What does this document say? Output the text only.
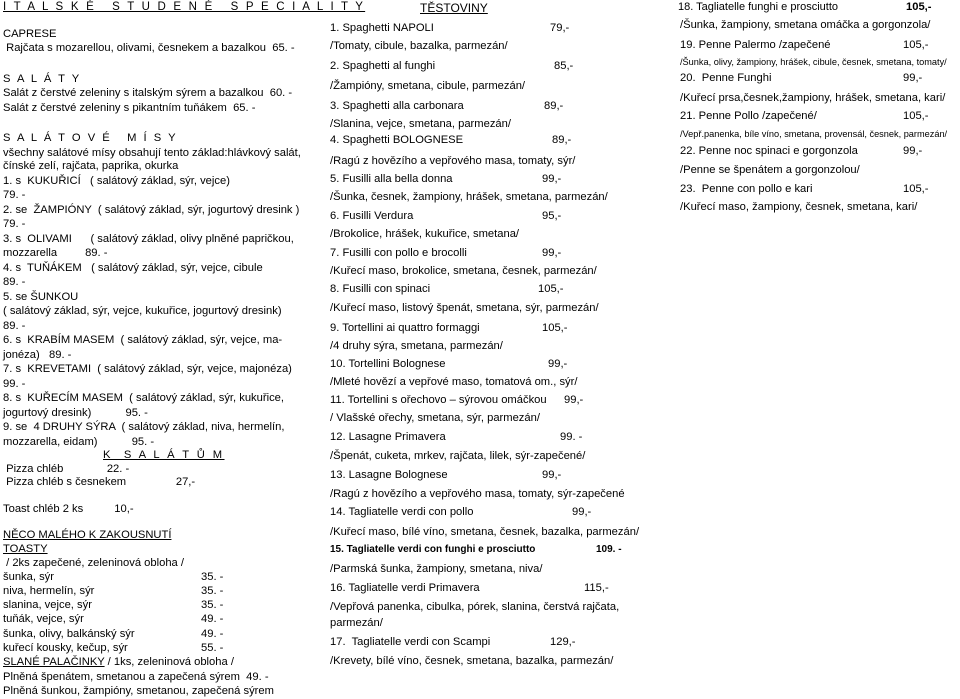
I T A L S K É   S T U D E N É   S P E C I A L I T Y
CAPRESE
Rajčata s mozarellou, olivami, česnekem a bazalkou  65. -
S A L Á T Y
Salát z čerstvé zeleniny s italským sýrem a bazalkou  60. -
Salát z čerstvé zeleniny s pikantním tuňákem  65. -
S A L Á T O V É   M Í S Y
všechny salátové mísy obsahují tento základ:hlávkový salát, čínské zelí, rajčata, paprika, okurka
1. s  KUKUŘICÍ   ( salátový základ, sýr, vejce)
79. -
2. se  ŽAMPIÓNY  ( salátový základ, sýr, jogurtový dresink )
79. -
3. s  OLIVAMI      ( salátový základ, olivy plněné papričkou,
mozzarella         89. -
4. s  TUŇÁKEM   ( salátový základ, sýr, vejce, cibule
89. -
5. se ŠUNKOU
( salátový základ, sýr, vejce, kukuřice, jogurtový dresink)
89. -
6. s  KRABÍM MASEM  ( salátový základ, sýr, vejce, ma-
jonéza)   89. -
7. s  KREVETAMI  ( salátový základ, sýr, vejce, majonéza)
99. -
8. s  KUŘECÍM MASEM  ( salátový základ, sýr, kukuřice,
jogurtový dresink)           95. -
9. se  4 DRUHY SÝRA  ( salátový základ, niva, hermelín,
mozzarella, eidam)           95. -
K  S A L Á T Ů M
Pizza chléb              22. -
Pizza chléb s česnekem                27,-
Toast chléb 2 ks          10,-
NĚCO MALÉHO K ZAKOUSNUTÍ
TOASTY
/ 2ks zapečené, zeleninová obloha /
šunka, sýr	35. -
niva, hermelín, sýr	35. -
slanina, vejce, sýr	35. -
tuňák, vejce, sýr	49. -
šunka, olivy, balkánský sýr	49. -
kuřecí kousky, kečup, sýr	55. -
SLANÉ PALAČINKY / 1ks, zeleninová obloha /
Plněná špenátem, smetanou a zapečená sýrem  49. -
Plněná šunkou, žampióny, smetanou, zapečená sýrem
TĚSTOVINY
1. Spaghetti NAPOLI	79,-
/Tomaty, cibule, bazalka, parmezán/
2. Spaghetti al funghi	85,-
/Žampióny, smetana, cibule, parmezán/
3. Spaghetti alla carbonara	89,-
/Slanina, vejce, smetana, parmezán/
4. Spaghetti BOLOGNESE	89,-
/Ragú z hovězího a vepřového masa, tomaty, sýr/
5. Fusilli alla bella donna	99,-
/Šunka, česnek, žampiony, hrášek, smetana, parmezán/
6. Fusilli Verdura	95,-
/Brokolice, hrášek, kukuřice, smetana/
7. Fusilli con pollo e brocolli	99,-
/Kuřecí maso, brokolice, smetana, česnek, parmezán/
8. Fusilli con spinaci	105,-
/Kuřecí maso, listový špenát, smetana, sýr, parmezán/
9. Tortellini ai quattro formaggi	105,-
/4 druhy sýra, smetana, parmezán/
10. Tortellini Bolognese	99,-
/Mleté hovězí a vepřové maso, tomatová om., sýr/
11. Tortellini s ořechovo – sýrovou omáčkou 99,-
/ Vlašské ořechy, smetana, sýr, parmezán/
12. Lasagne Primavera	99. -
/Špenát, cuketa, mrkev, rajčata, lilek, sýr-zapečené/
13. Lasagne Bolognese	99,-
/Ragú z hovězího a vepřového masa, tomaty, sýr-zapečené
14. Tagliatelle verdi con pollo	99,-
/Kuřecí maso, bílé víno, smetana, česnek, bazalka, parmezán/
15. Tagliatelle verdi con funghi e prosciutto	109. -
/Parmská šunka, žampiony, smetana, niva/
16. Tagliatelle verdi Primavera	115,-
/Vepřová panenka, cibulka, pórek, slanina, čerstvá rajčata,
parmezán/
17.  Tagliatelle verdi con Scampi	129,-
/Krevety, bílé víno, česnek, smetana, bazalka, parmezán/
18. Tagliatelle funghi e prosciutto	105,-
/Šunka, žampiony, smetana omáčka a gorgonzola/
19. Penne Palermo /zapečené	105,-
/Šunka, olivy, žampiony, hrášek, cibule, česnek, smetana, tomaty/
20.  Penne Funghi	99,-
/Kuřecí prsa,česnek,žampiony, hrášek, smetana, kari/
21. Penne Pollo /zapečené/	105,-
/Vepř.panenka, bíle víno, smetana, provensál, česnek, parmezán/
22. Penne noc spinaci e gorgonzola	99,-
/Penne se špenátem a gorgonzolou/
23.  Penne con pollo e kari	105,-
/Kuřecí maso, žampiony, česnek, smetana, kari/
